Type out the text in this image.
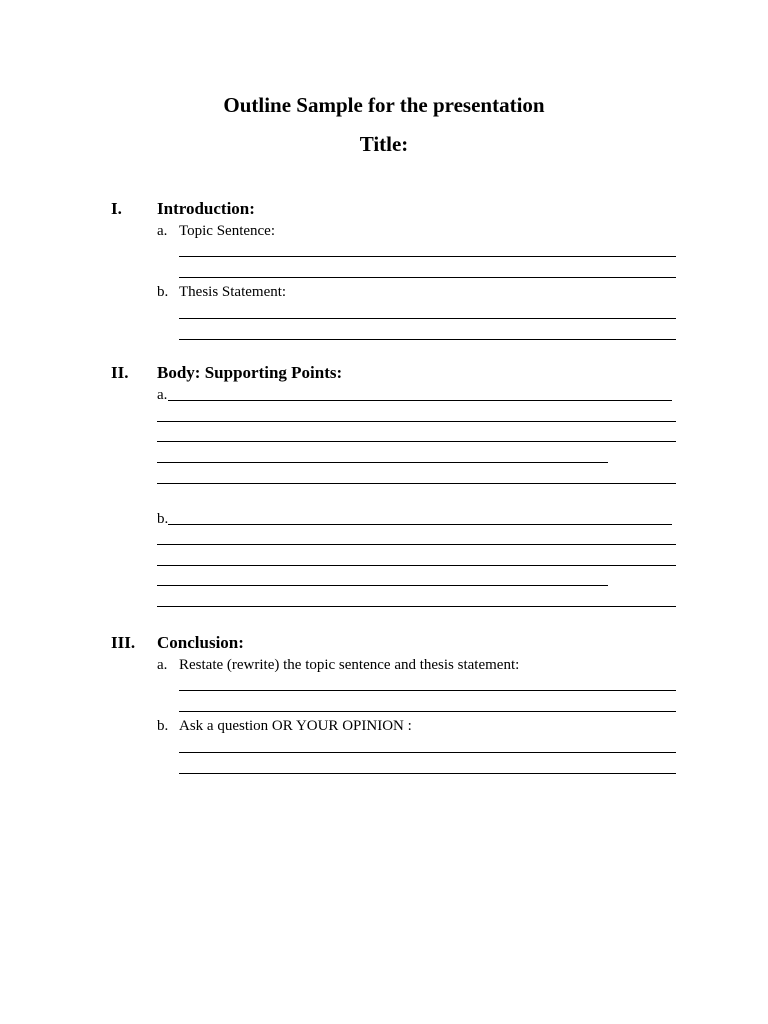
Outline Sample for the presentation
Title:
I. Introduction:
a. Topic Sentence:
b. Thesis Statement:
II. Body: Supporting Points:
a.
b.
III. Conclusion:
a. Restate (rewrite) the topic sentence and thesis statement:
b. Ask a question OR YOUR OPINION :
